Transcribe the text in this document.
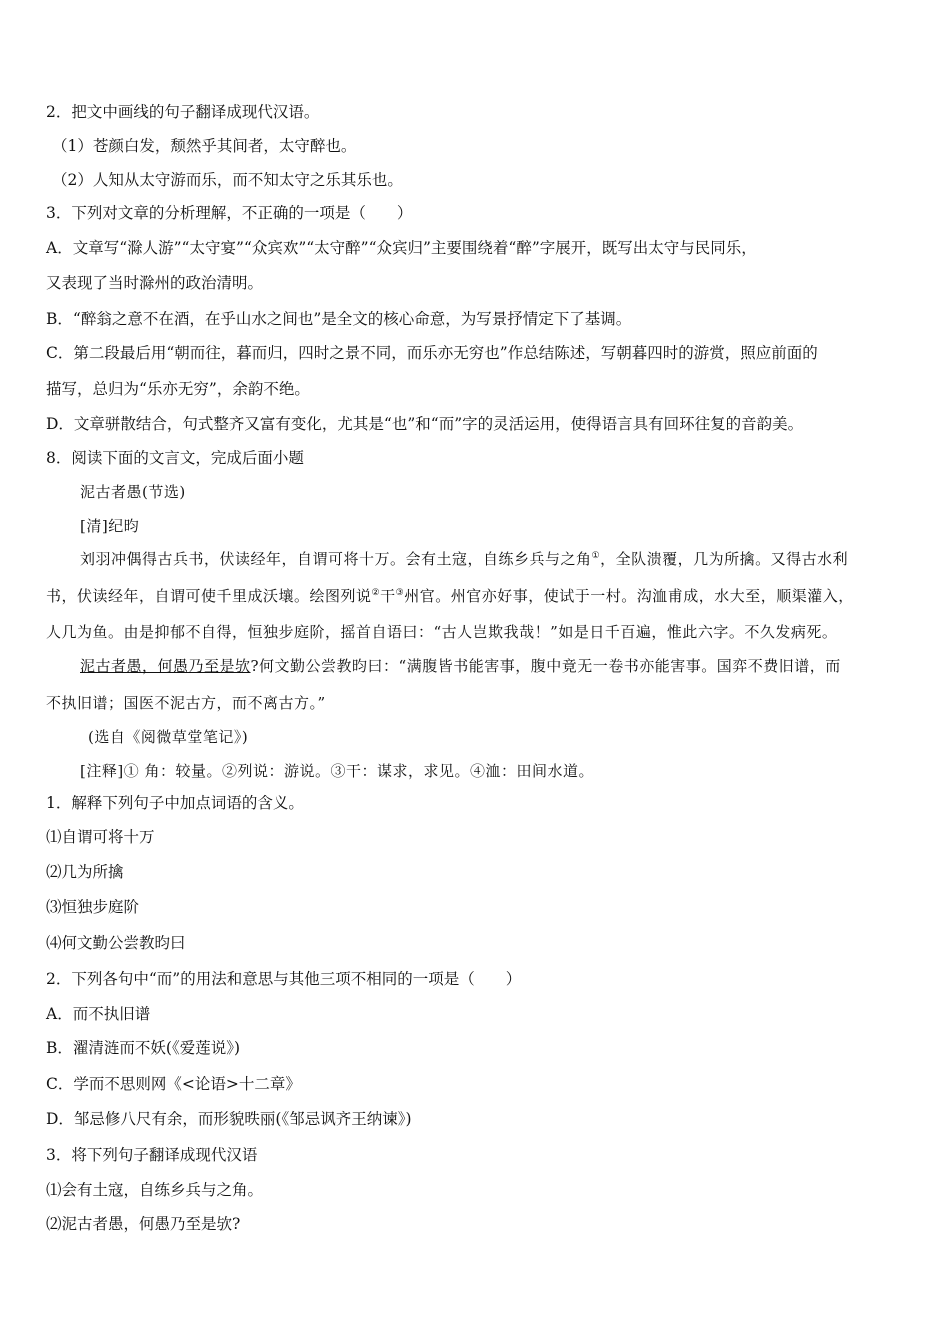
2．把文中画线的句子翻译成现代汉语。
（1）苍颜白发，颓然乎其间者，太守醉也。
（2）人知从太守游而乐，而不知太守之乐其乐也。
3．下列对文章的分析理解，不正确的一项是（　　）
A．文章写“滁人游”“太守宴”“众宾欢”“太守醉”“众宾归”主要围绕着“醉”字展开，既写出太守与民同乐，
又表现了当时滁州的政治清明。
B．“醉翁之意不在酒，在乎山水之间也”是全文的核心命意，为写景抒情定下了基调。
C．第二段最后用“朝而往，暮而归，四时之景不同，而乐亦无穷也”作总结陈述，写朝暮四时的游赏，照应前面的
描写，总归为“乐亦无穷”，余韵不绝。
D．文章骈散结合，句式整齐又富有变化，尤其是“也”和“而”字的灵活运用，使得语言具有回环往复的音韵美。
8．阅读下面的文言文，完成后面小题
泥古者愚(节选)
[清]纪昀
刘羽冲偶得古兵书，伏读经年，自谓可将十万。会有土寇，自练乡兵与之角①，全队溃覆，几为所擒。又得古水利
书，伏读经年，自谓可使千里成沃壤。绘图列说②干③州官。州官亦好事，使试于一村。沟洫甫成，水大至，顺渠灌入，
人几为鱼。由是抑郁不自得，恒独步庭阶，摇首自语曰：“古人岂欺我哉！”如是日千百遍，惟此六字。不久发病死。
泥古者愚，何愚乃至是欤?何文勤公尝教昀曰：“满腹皆书能害事，腹中竟无一卷书亦能害事。国弈不费旧谱，而
不执旧谱；国医不泥古方，而不离古方。”
(选自《阅微草堂笔记》)
[注释]① 角：较量。②列说：游说。③干：谋求，求见。④洫：田间水道。
1．解释下列句子中加点词语的含义。
⑴自谓可将十万
⑵几为所擒
⑶恒独步庭阶
⑷何文勤公尝教昀曰
2．下列各句中“而”的用法和意思与其他三项不相同的一项是（　　）
A．而不执旧谱
B．濯清涟而不妖(《爱莲说》)
C．学而不思则网《<论语>十二章》
D．邹忌修八尺有余，而形貌昳丽(《邹忌讽齐王纳谏》)
3．将下列句子翻译成现代汉语
⑴会有土寇，自练乡兵与之角。
⑵泥古者愚，何愚乃至是欤?
